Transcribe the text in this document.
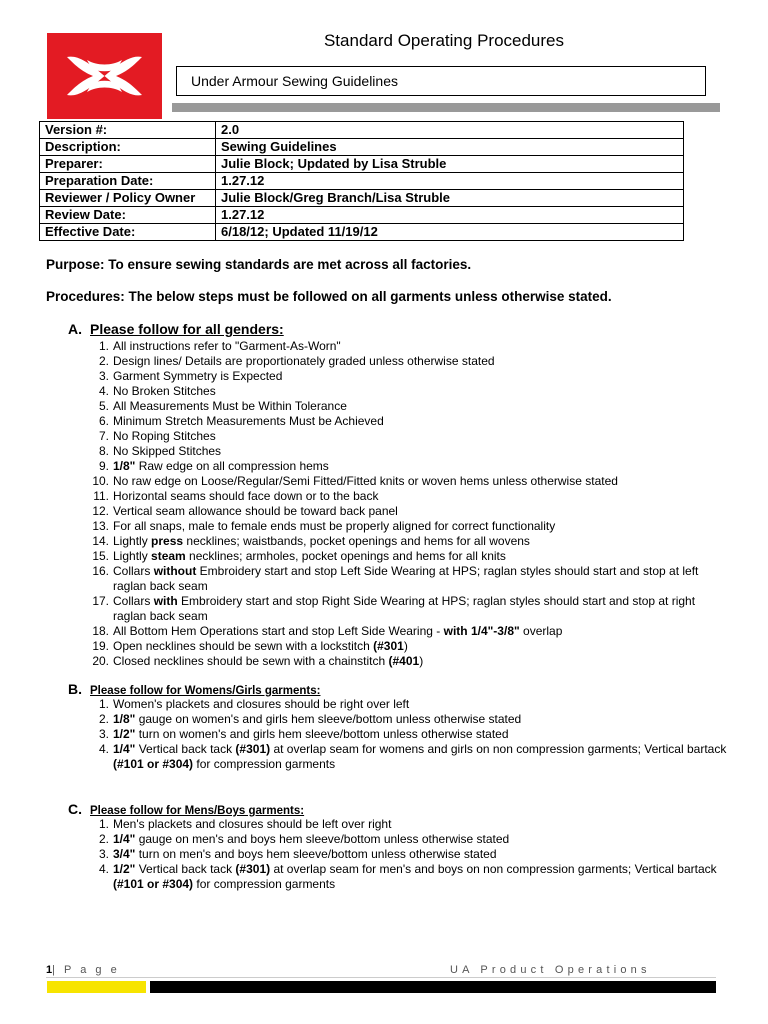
Standard Operating Procedures
Under Armour Sewing Guidelines
Version #:	2.0
Description:	Sewing Guidelines
Preparer:	Julie Block; Updated by Lisa Struble
Preparation Date:	1.27.12
Reviewer / Policy Owner	Julie Block/Greg Branch/Lisa Struble
Review Date:	1.27.12
Effective Date:	6/18/12; Updated 11/19/12
Purpose: To ensure sewing standards are met across all factories.
Procedures: The below steps must be followed on all garments unless otherwise stated.
A. Please follow for all genders:
1. All instructions refer to "Garment-As-Worn"
2. Design lines/ Details are proportionately graded unless otherwise stated
3. Garment Symmetry is Expected
4. No Broken Stitches
5. All Measurements Must be Within Tolerance
6. Minimum Stretch Measurements Must be Achieved
7. No Roping Stitches
8. No Skipped Stitches
9. 1/8" Raw edge on all compression hems
10. No raw edge on Loose/Regular/Semi Fitted/Fitted knits or woven hems unless otherwise stated
11. Horizontal seams should face down or to the back
12. Vertical seam allowance should be toward back panel
13. For all snaps, male to female ends must be properly aligned for correct functionality
14. Lightly press necklines; waistbands, pocket openings and hems for all wovens
15. Lightly steam necklines; armholes, pocket openings and hems for all knits
16. Collars without Embroidery start and stop Left Side Wearing at HPS; raglan styles should start and stop at left raglan back seam
17. Collars with Embroidery start and stop Right Side Wearing at HPS; raglan styles should start and stop at right raglan back seam
18. All Bottom Hem Operations start and stop Left Side Wearing - with 1/4"-3/8" overlap
19. Open necklines should be sewn with a lockstitch (#301)
20. Closed necklines should be sewn with a chainstitch (#401)
B. Please follow for Womens/Girls garments:
1. Women's plackets and closures should be right over left
2. 1/8" gauge on women's and girls hem sleeve/bottom unless otherwise stated
3. 1/2" turn on women's and girls hem sleeve/bottom unless otherwise stated
4. 1/4" Vertical back tack (#301) at overlap seam for womens and girls on non compression garments; Vertical bartack (#101 or #304) for compression garments
C. Please follow for Mens/Boys garments:
1. Men's plackets and closures should be left over right
2. 1/4" gauge on men's and boys hem sleeve/bottom unless otherwise stated
3. 3/4" turn on men's and boys hem sleeve/bottom unless otherwise stated
4. 1/2" Vertical back tack (#301) at overlap seam for men's and boys on non compression garments; Vertical bartack (#101 or #304) for compression garments
1| P a g e	UA Product Operations
